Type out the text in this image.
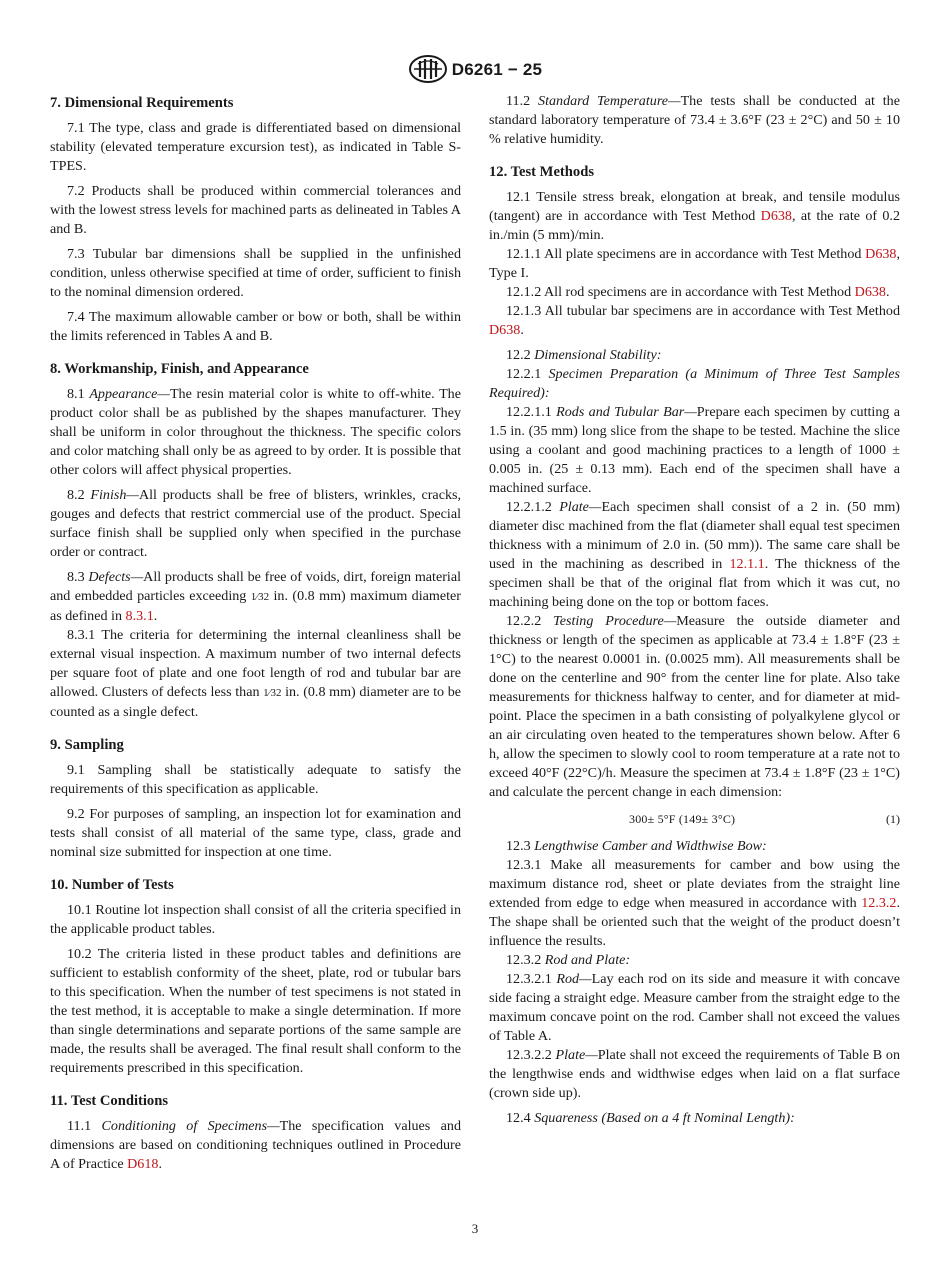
D6261 − 25
7. Dimensional Requirements

7.1 The type, class and grade is differentiated based on dimensional stability (elevated temperature excursion test), as indicated in Table S-TPES.

7.2 Products shall be produced within commercial tolerances and with the lowest stress levels for machined parts as delineated in Tables A and B.

7.3 Tubular bar dimensions shall be supplied in the unfinished condition, unless otherwise specified at time of order, sufficient to finish to the nominal dimension ordered.

7.4 The maximum allowable camber or bow or both, shall be within the limits referenced in Tables A and B.

8. Workmanship, Finish, and Appearance

8.1 Appearance—The resin material color is white to off-white. The product color shall be as published by the shapes manufacturer. They shall be uniform in color throughout the thickness. The specific colors and color matching shall only be as agreed to by order. It is possible that other colors will affect physical properties.

8.2 Finish—All products shall be free of blisters, wrinkles, cracks, gouges and defects that restrict commercial use of the product. Special surface finish shall be supplied only when specified in the purchase order or contract.

8.3 Defects—All products shall be free of voids, dirt, foreign material and embedded particles exceeding 1⁄32 in. (0.8 mm) maximum diameter as defined in 8.3.1.

8.3.1 The criteria for determining the internal cleanliness shall be external visual inspection. A maximum number of two internal defects per square foot of plate and one foot length of rod and tubular bar are allowed. Clusters of defects less than 1⁄32 in. (0.8 mm) diameter are to be counted as a single defect.

9. Sampling

9.1 Sampling shall be statistically adequate to satisfy the requirements of this specification as applicable.

9.2 For purposes of sampling, an inspection lot for examination and tests shall consist of all material of the same type, class, grade and nominal size submitted for inspection at one time.

10. Number of Tests

10.1 Routine lot inspection shall consist of all the criteria specified in the applicable product tables.

10.2 The criteria listed in these product tables and definitions are sufficient to establish conformity of the sheet, plate, rod or tubular bars to this specification. When the number of test specimens is not stated in the test method, it is acceptable to make a single determination. If more than single determinations and separate portions of the same sample are made, the results shall be averaged. The final result shall conform to the requirements prescribed in this specification.

11. Test Conditions

11.1 Conditioning of Specimens—The specification values and dimensions are based on conditioning techniques outlined in Procedure A of Practice D618.

11.2 Standard Temperature—The tests shall be conducted at the standard laboratory temperature of 73.4 ± 3.6°F (23 ± 2°C) and 50 ± 10 % relative humidity.

12. Test Methods

12.1 Tensile stress break, elongation at break, and tensile modulus (tangent) are in accordance with Test Method D638, at the rate of 0.2 in./min (5 mm)/min.

12.1.1 All plate specimens are in accordance with Test Method D638, Type I.

12.1.2 All rod specimens are in accordance with Test Method D638.

12.1.3 All tubular bar specimens are in accordance with Test Method D638.

12.2 Dimensional Stability:

12.2.1 Specimen Preparation (a Minimum of Three Test Samples Required):

12.2.1.1 Rods and Tubular Bar—Prepare each specimen by cutting a 1.5 in. (35 mm) long slice from the shape to be tested. Machine the slice using a coolant and good machining practices to a length of 1000 ± 0.005 in. (25 ± 0.13 mm). Each end of the specimen shall have a machined surface.

12.2.1.2 Plate—Each specimen shall consist of a 2 in. (50 mm) diameter disc machined from the flat (diameter shall equal test specimen thickness with a minimum of 2.0 in. (50 mm)). The same care shall be used in the machining as described in 12.1.1. The thickness of the specimen shall be that of the original flat from which it was cut, no machining being done on the top or bottom faces.

12.2.2 Testing Procedure—Measure the outside diameter and thickness or length of the specimen as applicable at 73.4 ± 1.8°F (23 ± 1°C) to the nearest 0.0001 in. (0.0025 mm). All measurements shall be done on the centerline and 90° from the center line for plate. Also take measurements for thickness halfway to center, and for diameter at mid-point. Place the specimen in a bath consisting of polyalkylene glycol or an air circulating oven heated to the temperatures shown below. After 6 h, allow the specimen to slowly cool to room temperature at a rate not to exceed 40°F (22°C)/h. Measure the specimen at 73.4 ± 1.8°F (23 ± 1°C) and calculate the percent change in each dimension:

300± 5°F (149± 3°C)	(1)

12.3 Lengthwise Camber and Widthwise Bow:

12.3.1 Make all measurements for camber and bow using the maximum distance rod, sheet or plate deviates from the straight line extended from edge to edge when measured in accordance with 12.3.2. The shape shall be oriented such that the weight of the product doesn’t influence the results.

12.3.2 Rod and Plate:

12.3.2.1 Rod—Lay each rod on its side and measure it with concave side facing a straight edge. Measure camber from the straight edge to the maximum concave point on the rod. Camber shall not exceed the values of Table A.

12.3.2.2 Plate—Plate shall not exceed the requirements of Table B on the lengthwise ends and widthwise edges when laid on a flat surface (crown side up).

12.4 Squareness (Based on a 4 ft Nominal Length):

3
